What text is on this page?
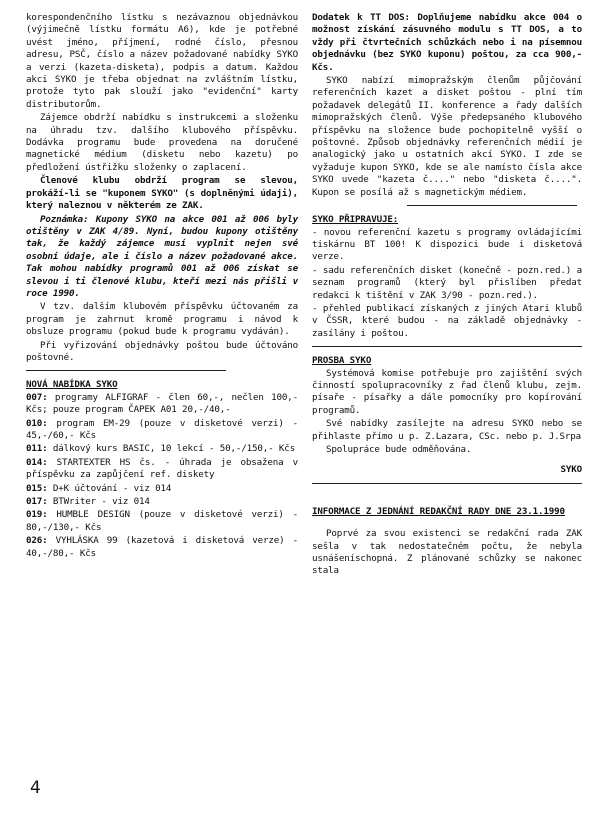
korespondenčního lístku s nezávaznou objednávkou (výjimečně lístku formátu A6), kde je potřebné uvést jméno, příjmení, rodné číslo, přesnou adresu, PSČ, číslo a název požadované nabídky SYKO a verzi (kazeta-disketa), podpis a datum. Každou akci SYKO je třeba objednat na zvláštním lístku, protože tyto pak slouží jako "evidenční" karty distributorům.

Zájemce obdrží nabídku s instrukcemi a složenku na úhradu tzv. dalšího klubového příspěvku. Dodávka programu bude provedena na doručené magnetické médium (disketu nebo kazetu) po předložení ústřižku složenky o zaplacení.

Členové klubu obdrží program se slevou, prokáží-li se "kuponem SYKO" (s doplněnými údaji), který naleznou v některém ze ZAK.

Poznámka: Kupony SYKO na akce 001 až 006 byly otištěny v ZAK 4/89. Nyní, budou kupony otištěny tak, že každý zájemce musí vyplnit nejen své osobní údaje, ale i číslo a název požadované akce. Tak mohou nabídky programů 001 až 006 získat se slevou i ti členové klubu, kteří mezi nás přišli v roce 1990.

V tzv. dalším klubovém příspěvku účtovaném za program je zahrnut kromě programu i návod k obsluze programu (pokud bude k programu vydáván).

Při vyřizování objednávky poštou bude účtováno poštovné.

NOVÁ NABÍDKA SYKO

007: programy ALFIGRAF - člen 60,-, nečlen 100,- Kčs; pouze program ČAPEK A01 20,-/40,-

010: program EM-29 (pouze v disketové verzi) - 45,-/60,- Kčs

011: dálkový kurs BASIC, 10 lekcí - 50,-/150,- Kčs

014: STARTEXTER HS čs. - úhrada je obsažena v příspěvku za zapůjčení ref. diskety

015: D+K účtování - viz 014

017: BTWriter - viz 014

019: HUMBLE DESIGN (pouze v disketové verzi) - 80,-/130,- Kčs

026: VYHLÁSKA 99 (kazetová i disketová verze) - 40,-/80,- Kčs

Dodatek k TT DOS: Doplňujeme nabídku akce 004 o možnost získání zásuvného modulu s TT DOS, a to vždy při čtvrtečních schůzkách nebo i na písemnou objednávku (bez SYKO kuponu) poštou, za cca 900,- Kčs.

SYKO nabízí mimopražským členům půjčování referenčních kazet a disket poštou - plní tím požadavek delegátů II. konference a řady dalších mimopražských členů. Výše předepsaného klubového příspěvku na složence bude pochopitelně vyšší o poštovné. Způsob objednávky referenčních médií je analogický jako u ostatních akcí SYKO. I zde se vyžaduje kupon SYKO, kde se ale namísto čísla akce SYKO uvede "kazeta č...." nebo "disketa č....". Kupon se posílá až s magnetickým médiem.

SYKO PŘIPRAVUJE:

- novou referenční kazetu s programy ovládajícími tiskárnu BT 100! K dispozici bude i disketová verze.

- sadu referenčních disket (konečně - pozn.red.) a seznam programů (který byl přislíben předat redakci k tištění v ZAK 3/90 - pozn.red.).

- přehled publikací získaných z jiných Atari klubů v ČSSR, které budou - na základě objednávky - zasílány i poštou.

PROSBA SYKO

Systémová komise potřebuje pro zajištění svých činností spolupracovníky z řad členů klubu, zejm. písaře - písařky a dále pomocníky pro kopírování programů.

Své nabídky zasílejte na adresu SYKO nebo se přihlaste přímo u p. Z.Lazara, CSc. nebo p. J.Srpa

Spolupráce bude odměňována.

SYKO
INFORMACE Z JEDNÁNÍ REDAKČNÍ RADY DNE 23.1.1990

Poprvé za svou existenci se redakční rada ZAK sešla v tak nedostatečném počtu, že nebyla usnášeníschopná. Z plánované schůzky se nakonec stala

4
